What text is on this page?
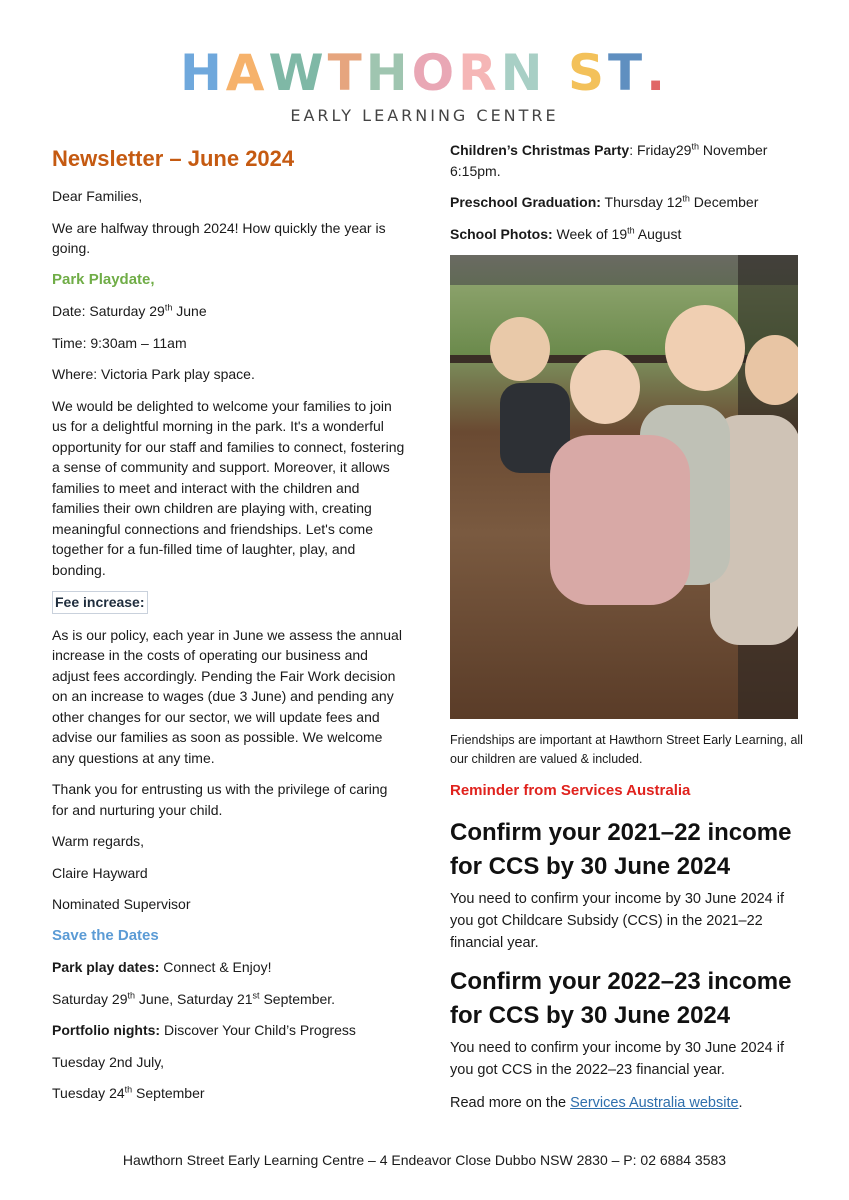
HAWTHORN ST.
EARLY LEARNING CENTRE
Newsletter – June 2024

Dear Families,

We are halfway through 2024! How quickly the year is going.

Park Playdate,

Date: Saturday 29th June

Time: 9:30am – 11am

Where: Victoria Park play space.

We would be delighted to welcome your families to join us for a delightful morning in the park. It's a wonderful opportunity for our staff and families to connect, fostering a sense of community and support. Moreover, it allows families to meet and interact with the children and families their own children are playing with, creating meaningful connections and friendships. Let's come together for a fun-filled time of laughter, play, and bonding.

Fee increase:

As is our policy, each year in June we assess the annual increase in the costs of operating our business and adjust fees accordingly. Pending the Fair Work decision on an increase to wages (due 3 June) and pending any other changes for our sector, we will update fees and advise our families as soon as possible. We welcome any questions at any time.

Thank you for entrusting us with the privilege of caring for and nurturing your child.

Warm regards,

Claire Hayward

Nominated Supervisor

Save the Dates

Park play dates: Connect & Enjoy!

Saturday 29th June, Saturday 21st September.

Portfolio nights: Discover Your Child’s Progress

Tuesday 2nd July,

Tuesday 24th September

Children’s Christmas Party: Friday29th November 6:15pm.

Preschool Graduation: Thursday 12th December

School Photos: Week of 19th August

Friendships are important at Hawthorn Street Early Learning, all our children are valued & included.
Reminder from Services Australia
Confirm your 2021–22 income for CCS by 30 June 2024

You need to confirm your income by 30 June 2024 if you got Childcare Subsidy (CCS) in the 2021–22 financial year.

Confirm your 2022–23 income for CCS by 30 June 2024

You need to confirm your income by 30 June 2024 if you got CCS in the 2022–23 financial year.

Read more on the Services Australia website.

Hawthorn Street Early Learning Centre – 4 Endeavor Close Dubbo NSW 2830 – P: 02 6884 3583
